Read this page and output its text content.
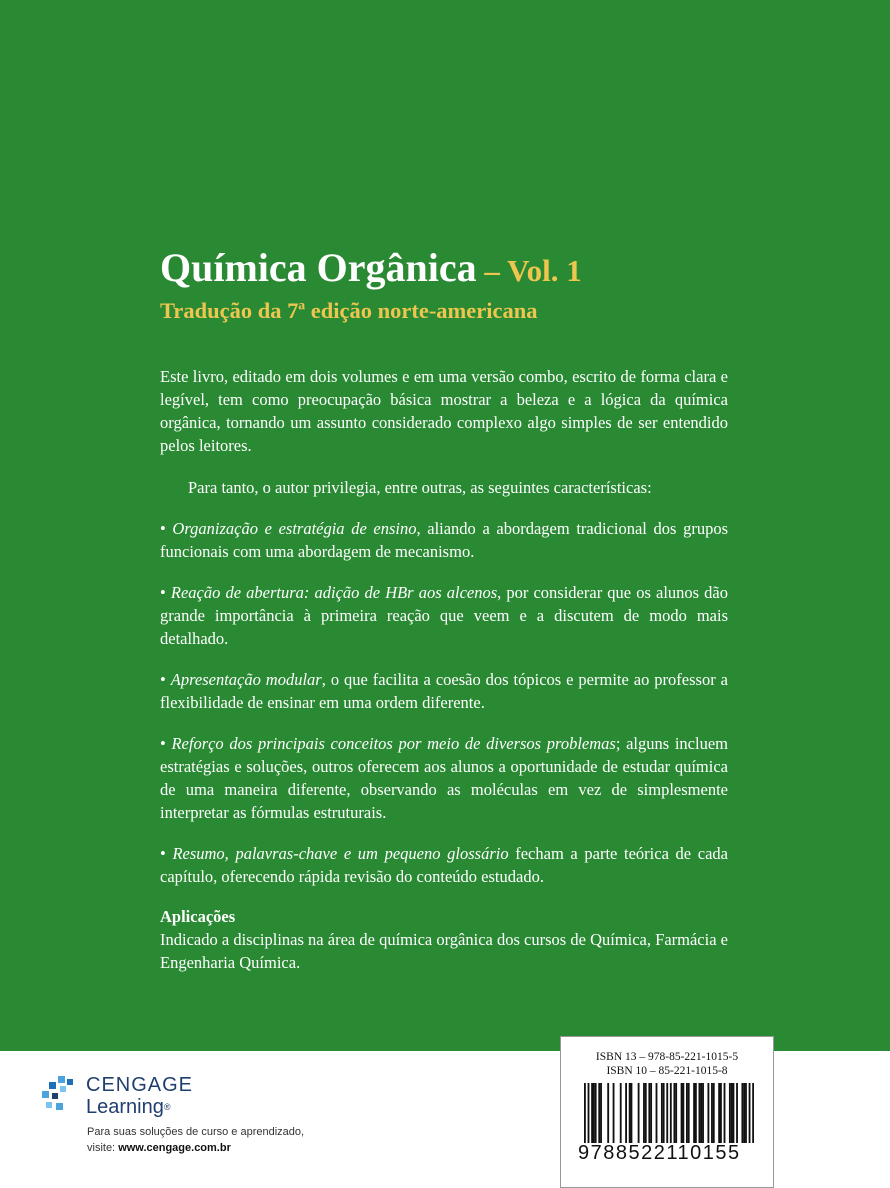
Química Orgânica – Vol. 1

Tradução da 7ª edição norte-americana

Este livro, editado em dois volumes e em uma versão combo, escrito de forma clara e legível, tem como preocupação básica mostrar a beleza e a lógica da química orgânica, tornando um assunto considerado complexo algo simples de ser entendido pelos leitores.

Para tanto, o autor privilegia, entre outras, as seguintes características:

• Organização e estratégia de ensino, aliando a abordagem tradicional dos grupos funcionais com uma abordagem de mecanismo.

• Reação de abertura: adição de HBr aos alcenos, por considerar que os alunos dão grande importância à primeira reação que veem e a discutem de modo mais detalhado.

• Apresentação modular, o que facilita a coesão dos tópicos e permite ao professor a flexibilidade de ensinar em uma ordem diferente.

• Reforço dos principais conceitos por meio de diversos problemas; alguns incluem estratégias e soluções, outros oferecem aos alunos a oportunidade de estudar química de uma maneira diferente, observando as moléculas em vez de simplesmente interpretar as fórmulas estruturais.

• Resumo, palavras-chave e um pequeno glossário fecham a parte teórica de cada capítulo, oferecendo rápida revisão do conteúdo estudado.

Aplicações

Indicado a disciplinas na área de química orgânica dos cursos de Química, Farmácia e Engenharia Química.

CENGAGE
Learning®
Para suas soluções de curso e aprendizado,
visite: www.cengage.com.br
ISBN 13 – 978-85-221-1015-5
ISBN 10 – 85-221-1015-8
9788522110155
